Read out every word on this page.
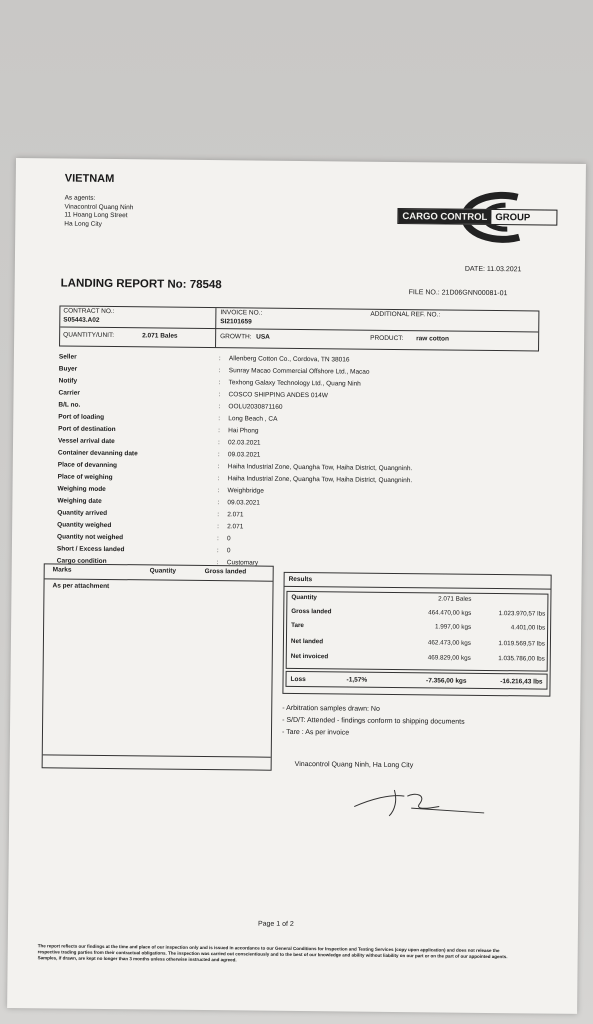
VIETNAM
As agents:
Vinacontrol Quang Ninh
11 Hoang Long Street
Ha Long City
CARGO CONTROL GROUP
DATE: 11.03.2021
LANDING REPORT No: 78548
FILE NO.: 21D06GNN00081-01
CONTRACT NO.:
S05443.A02
INVOICE NO.:
SI2101659
ADDITIONAL REF. NO.:
QUANTITY/UNIT:	2.071 Bales	GROWTH: USA	PRODUCT: raw cotton
Seller	:	Allenberg Cotton Co., Cordova, TN 38016
Buyer	:	Sunray Macao Commercial Offshore Ltd., Macao
Notify	:	Texhong Galaxy Technology Ltd., Quang Ninh
Carrier	:	COSCO SHIPPING ANDES 014W
B/L no.	:	OOLU2030871160
Port of loading	:	Long Beach , CA
Port of destination	:	Hai Phong
Vessel arrival date	:	02.03.2021
Container devanning date	:	09.03.2021
Place of devanning	:	Haiha Industrial Zone, Quangha Tow, Haiha District, Quangninh.
Place of weighing	:	Haiha Industrial Zone, Quangha Tow, Haiha District, Quangninh.
Weighing mode	:	Weighbridge
Weighing date	:	09.03.2021
Quantity arrived	:	2.071
Quantity weighed	:	2.071
Quantity not weighed	:	0
Short / Excess landed	:	0
Cargo condition	:	Customary
Marks	Quantity	Gross landed
As per attachment
Results
Quantity	2.071 Bales
Gross landed	464.470,00 kgs	1.023.970,57 lbs
Tare	1.997,00 kgs	4.401,00 lbs
Net landed	462.473,00 kgs	1.019.569,57 lbs
Net invoiced	469.829,00 kgs	1.035.786,00 lbs
Loss	-1,57%	-7.356,00 kgs	-16.216,43 lbs
- Arbitration samples drawn: No
- S/D/T: Attended - findings conform to shipping documents
- Tare : As per invoice
Vinacontrol Quang Ninh, Ha Long City
Page 1 of 2
The report reflects our findings at the time and place of our inspection only and is issued in accordance to our General Conditions for Inspection and Testing Services (copy upon application) and does not release the respective trading parties from their contractual obligations. The inspection was carried out conscientiously and to the best of our knowledge and ability without liability on our part or on the part of our appointed agents. Samples, if drawn, are kept no longer than 3 months unless otherwise instructed and agreed.
